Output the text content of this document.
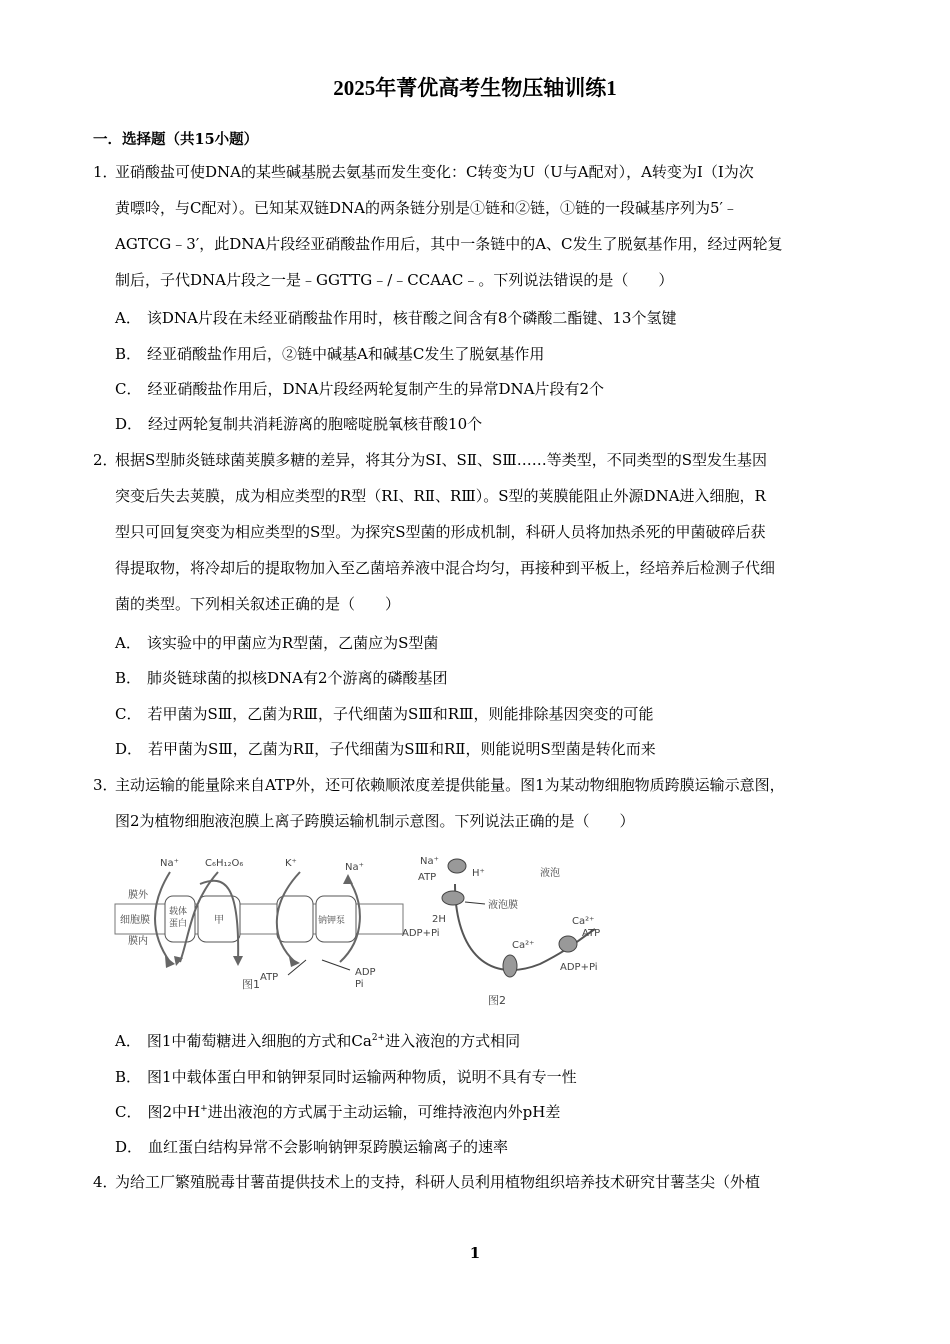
2025年菁优高考生物压轴训练1

一．选择题（共15小题）

1．亚硝酸盐可使DNA的某些碱基脱去氨基而发生变化：C转变为U（U与A配对），A转变为I（I为次
黄嘌呤，与C配对）。已知某双链DNA的两条链分别是①链和②链，①链的一段碱基序列为5′﹣
AGTCG﹣3′，此DNA片段经亚硝酸盐作用后，其中一条链中的A、C发生了脱氨基作用，经过两轮复
制后，子代DNA片段之一是﹣GGTTG﹣/﹣CCAAC﹣。下列说法错误的是（　　）

A． 该DNA片段在未经亚硝酸盐作用时，核苷酸之间含有8个磷酸二酯键、13个氢键

B． 经亚硝酸盐作用后，②链中碱基A和碱基C发生了脱氨基作用

C． 经亚硝酸盐作用后，DNA片段经两轮复制产生的异常DNA片段有2个

D． 经过两轮复制共消耗游离的胞嘧啶脱氧核苷酸10个

2．根据S型肺炎链球菌荚膜多糖的差异，将其分为SⅠ、SⅡ、SⅢ……等类型，不同类型的S型发生基因
突变后失去荚膜，成为相应类型的R型（RⅠ、RⅡ、RⅢ）。S型的荚膜能阻止外源DNA进入细胞，R
型只可回复突变为相应类型的S型。为探究S型菌的形成机制，科研人员将加热杀死的甲菌破碎后获
得提取物，将冷却后的提取物加入至乙菌培养液中混合均匀，再接种到平板上，经培养后检测子代细
菌的类型。下列相关叙述正确的是（　　）

A． 该实验中的甲菌应为R型菌，乙菌应为S型菌

B． 肺炎链球菌的拟核DNA有2个游离的磷酸基团

C． 若甲菌为SⅢ，乙菌为RⅢ，子代细菌为SⅢ和RⅢ，则能排除基因突变的可能

D． 若甲菌为SⅢ，乙菌为RⅡ，子代细菌为SⅢ和RⅡ，则能说明S型菌是转化而来

3．主动运输的能量除来自ATP外，还可依赖顺浓度差提供能量。图1为某动物细胞物质跨膜运输示意图，
图2为植物细胞液泡膜上离子跨膜运输机制示意图。下列说法正确的是（　　）

膜外
细胞膜
膜内
载体
蛋白	甲	钠钾泵
Na⁺	C₆H₁₂O₆	K⁺	Na⁺
ATP	ADP
Pi
图1
Na⁺
H⁺
ATP
2H
ADP+Pi
液泡
液泡膜
Ca²⁺
Ca²⁺
ATP
ADP+Pi
图2

A． 图1中葡萄糖进入细胞的方式和$Ca^{2+}$进入液泡的方式相同

B． 图1中载体蛋白甲和钠钾泵同时运输两种物质，说明不具有专一性

C． 图2中H+进出液泡的方式属于主动运输，可维持液泡内外pH差

D． 血红蛋白结构异常不会影响钠钾泵跨膜运输离子的速率

4．为给工厂繁殖脱毒甘薯苗提供技术上的支持，科研人员利用植物组织培养技术研究甘薯茎尖（外植

1
